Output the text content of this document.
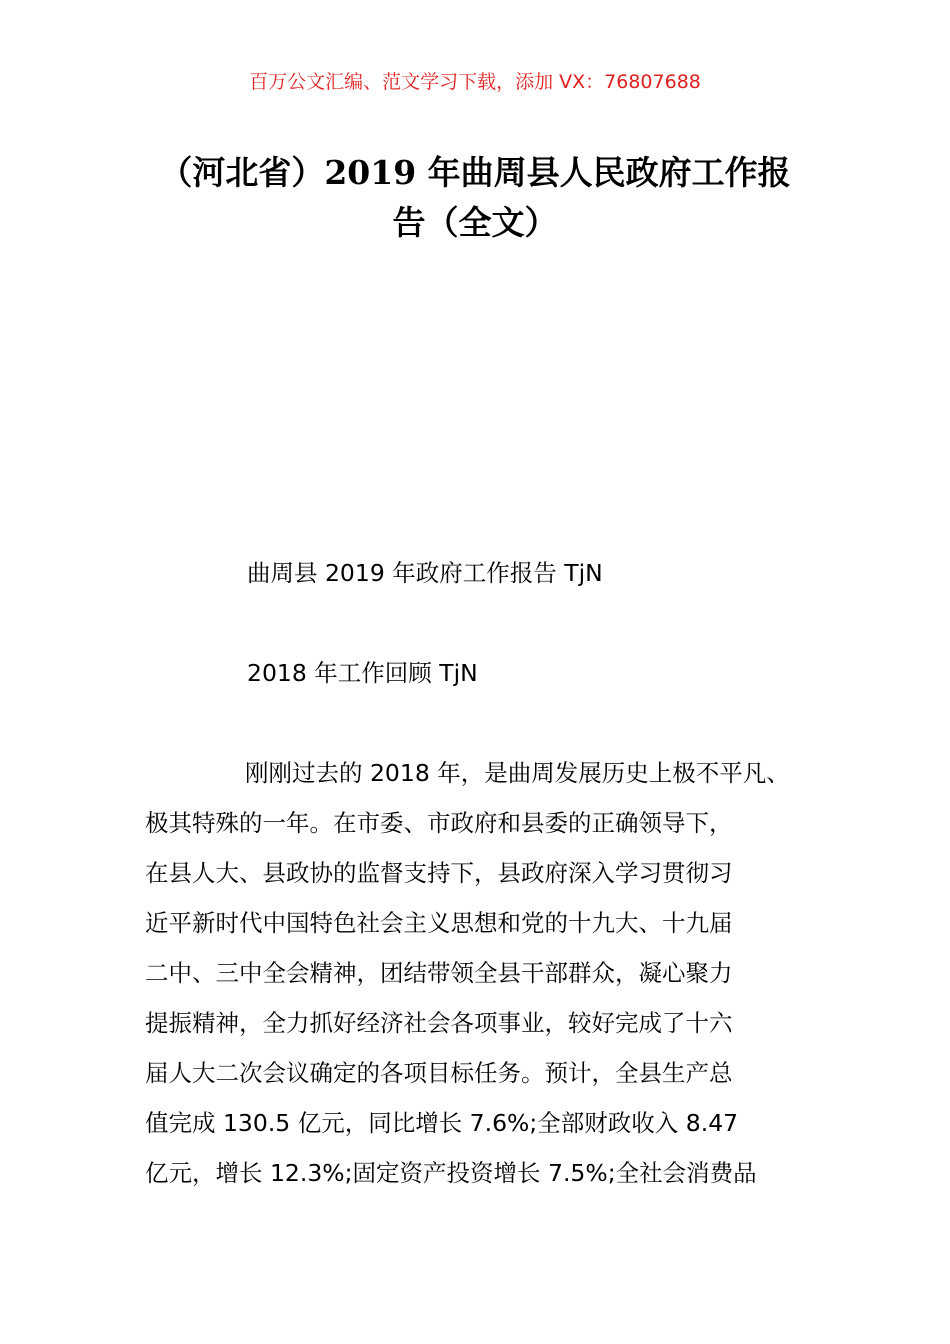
百万公文汇编、范文学习下载，添加 VX：76807688
（河北省）2019 年曲周县人民政府工作报
告（全文）
曲周县 2019 年政府工作报告 TjN
2018 年工作回顾 TjN
刚刚过去的 2018 年，是曲周发展历史上极不平凡、
极其特殊的一年。在市委、市政府和县委的正确领导下，
在县人大、县政协的监督支持下，县政府深入学习贯彻习
近平新时代中国特色社会主义思想和党的十九大、十九届
二中、三中全会精神，团结带领全县干部群众，凝心聚力
提振精神，全力抓好经济社会各项事业，较好完成了十六
届人大二次会议确定的各项目标任务。预计，全县生产总
值完成 130.5 亿元，同比增长 7.6%;全部财政收入 8.47
亿元，增长 12.3%;固定资产投资增长 7.5%;全社会消费品
